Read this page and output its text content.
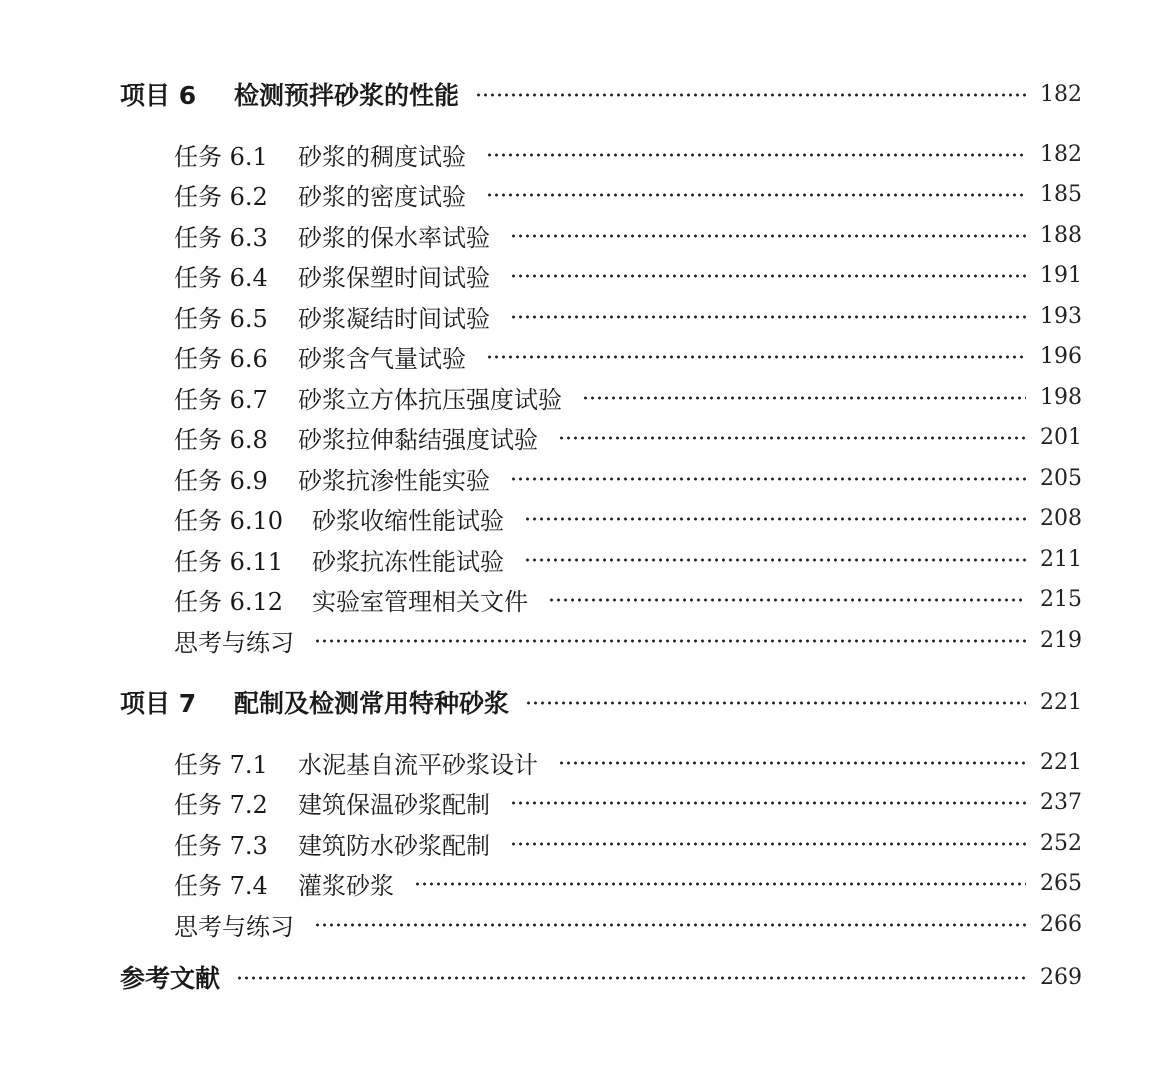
项目 6	检测预拌砂浆的性能	182
任务 6.1	砂浆的稠度试验	182
任务 6.2	砂浆的密度试验	185
任务 6.3	砂浆的保水率试验	188
任务 6.4	砂浆保塑时间试验	191
任务 6.5	砂浆凝结时间试验	193
任务 6.6	砂浆含气量试验	196
任务 6.7	砂浆立方体抗压强度试验	198
任务 6.8	砂浆拉伸黏结强度试验	201
任务 6.9	砂浆抗渗性能实验	205
任务 6.10	砂浆收缩性能试验	208
任务 6.11	砂浆抗冻性能试验	211
任务 6.12	实验室管理相关文件	215
思考与练习	219
项目 7	配制及检测常用特种砂浆	221
任务 7.1	水泥基自流平砂浆设计	221
任务 7.2	建筑保温砂浆配制	237
任务 7.3	建筑防水砂浆配制	252
任务 7.4	灌浆砂浆	265
思考与练习	266
参考文献	269
